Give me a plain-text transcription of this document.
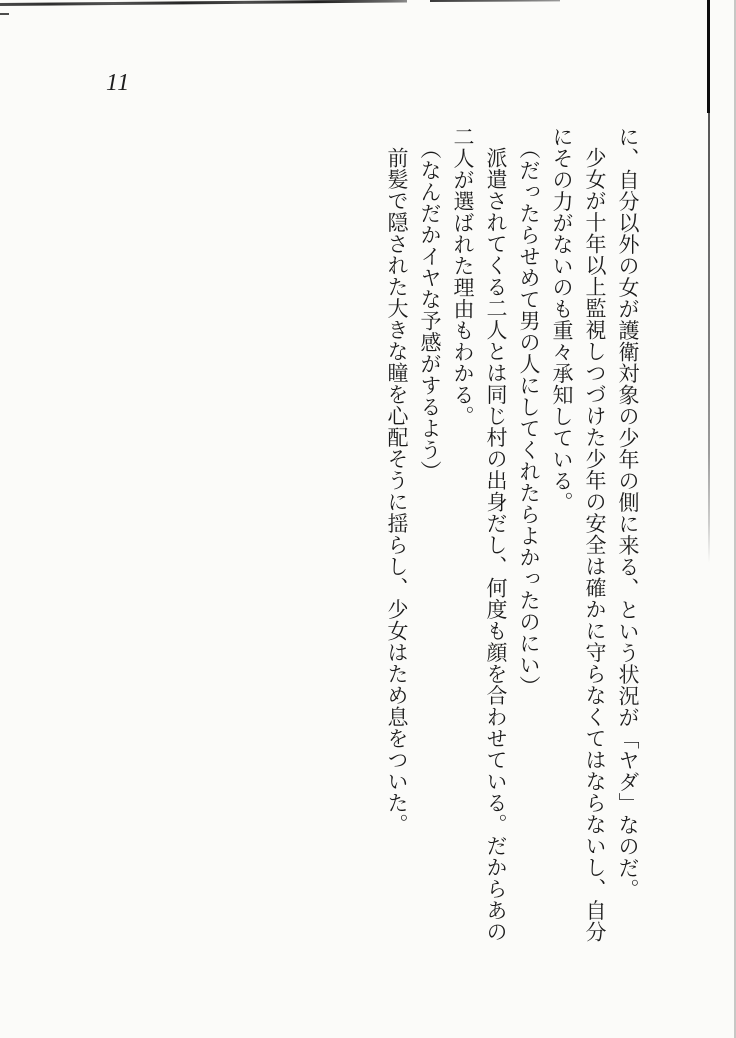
11

に、自分以外の女が護衛対象の少年の側に来る、という状況が「ヤダ」なのだ。

少女が十年以上監視しつづけた少年の安全は確かに守らなくてはならないし、自分

にその力がないのも重々承知している。

（だったらせめて男の人にしてくれたらよかったのにい）

派遣されてくる二人とは同じ村の出身だし、何度も顔を合わせている。だからあの

二人が選ばれた理由もわかる。

（なんだかイヤな予感がするよう）

前髪で隠された大きな瞳を心配そうに揺らし、少女はため息をついた。
